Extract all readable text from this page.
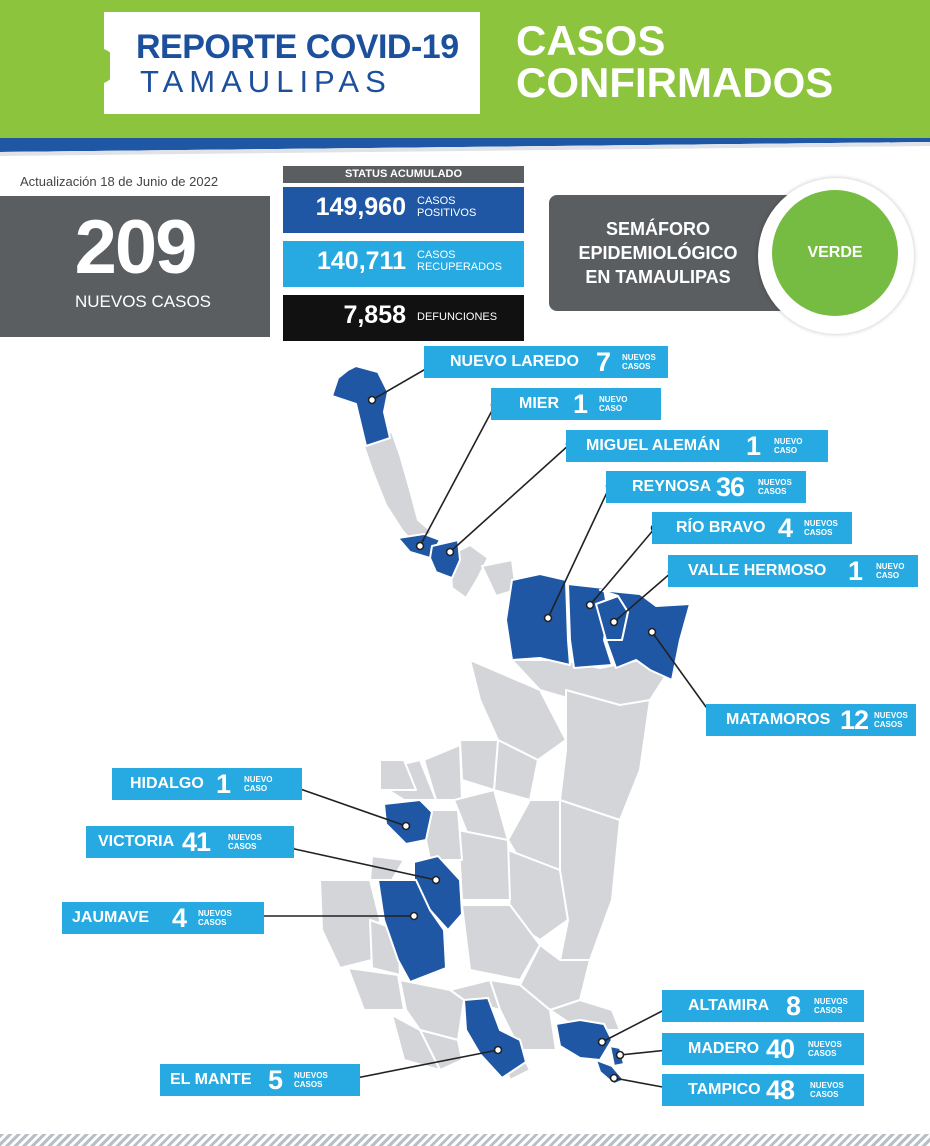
REPORTE COVID-19
TAMAULIPAS
CASOS
CONFIRMADOS
Actualización 18 de Junio de 2022
209
NUEVOS CASOS
STATUS ACUMULADO
149,960 CASOS
POSITIVOS
140,711 CASOS
RECUPERADOS
7,858 DEFUNCIONES
SEMÁFORO
EPIDEMIOLÓGICO
EN TAMAULIPAS
VERDE
NUEVO LAREDO 7 NUEVOS
CASOS
MIER 1 NUEVO
CASO
MIGUEL ALEMÁN 1 NUEVO
CASO
REYNOSA 36 NUEVOS
CASOS
RÍO BRAVO 4 NUEVOS
CASOS
VALLE HERMOSO 1 NUEVO
CASO
MATAMOROS 12 NUEVOS
CASOS
HIDALGO 1 NUEVO
CASO
VICTORIA 41 NUEVOS
CASOS
JAUMAVE 4 NUEVOS
CASOS
EL MANTE 5 NUEVOS
CASOS
ALTAMIRA 8 NUEVOS
CASOS
MADERO 40 NUEVOS
CASOS
TAMPICO 48 NUEVOS
CASOS
